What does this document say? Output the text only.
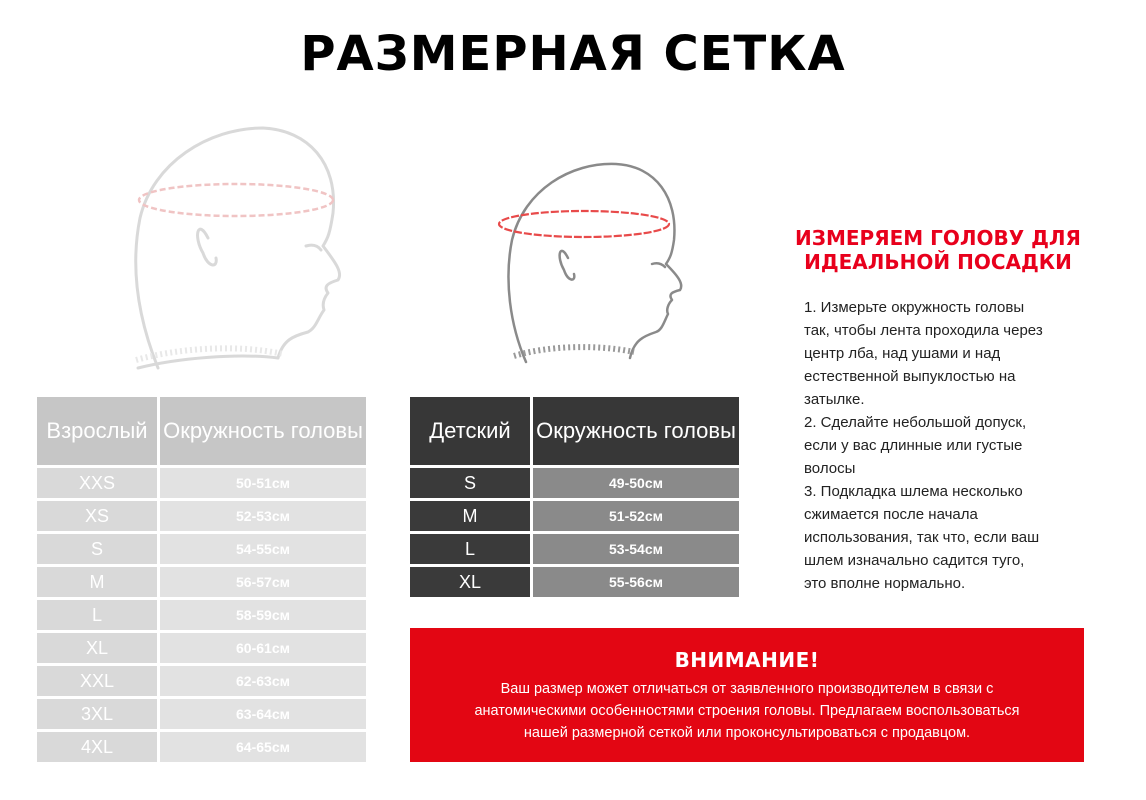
РАЗМЕРНАЯ СЕТКА
Взрослый	Окружность головы
XXS	50-51см
XS	52-53см
S	54-55см
M	56-57см
L	58-59см
XL	60-61см
XXL	62-63см
3XL	63-64см
4XL	64-65см
Детский	Окружность головы
S	49-50см
M	51-52см
L	53-54см
XL	55-56см
ИЗМЕРЯЕМ ГОЛОВУ ДЛЯ ИДЕАЛЬНОЙ ПОСАДКИ
1. Измерьте окружность головы
так, чтобы лента проходила через
центр лба, над ушами и над
естественной выпуклостью на
затылке.
2. Сделайте небольшой допуск,
если у вас длинные или густые
волосы
3. Подкладка шлема несколько
сжимается после начала
использования, так что, если ваш
шлем изначально садится туго,
это вполне нормально.
ВНИМАНИЕ!
Ваш размер может отличаться от заявленного производителем в связи с
анатомическими особенностями строения головы. Предлагаем воспользоваться
нашей размерной сеткой или проконсультироваться с продавцом.
